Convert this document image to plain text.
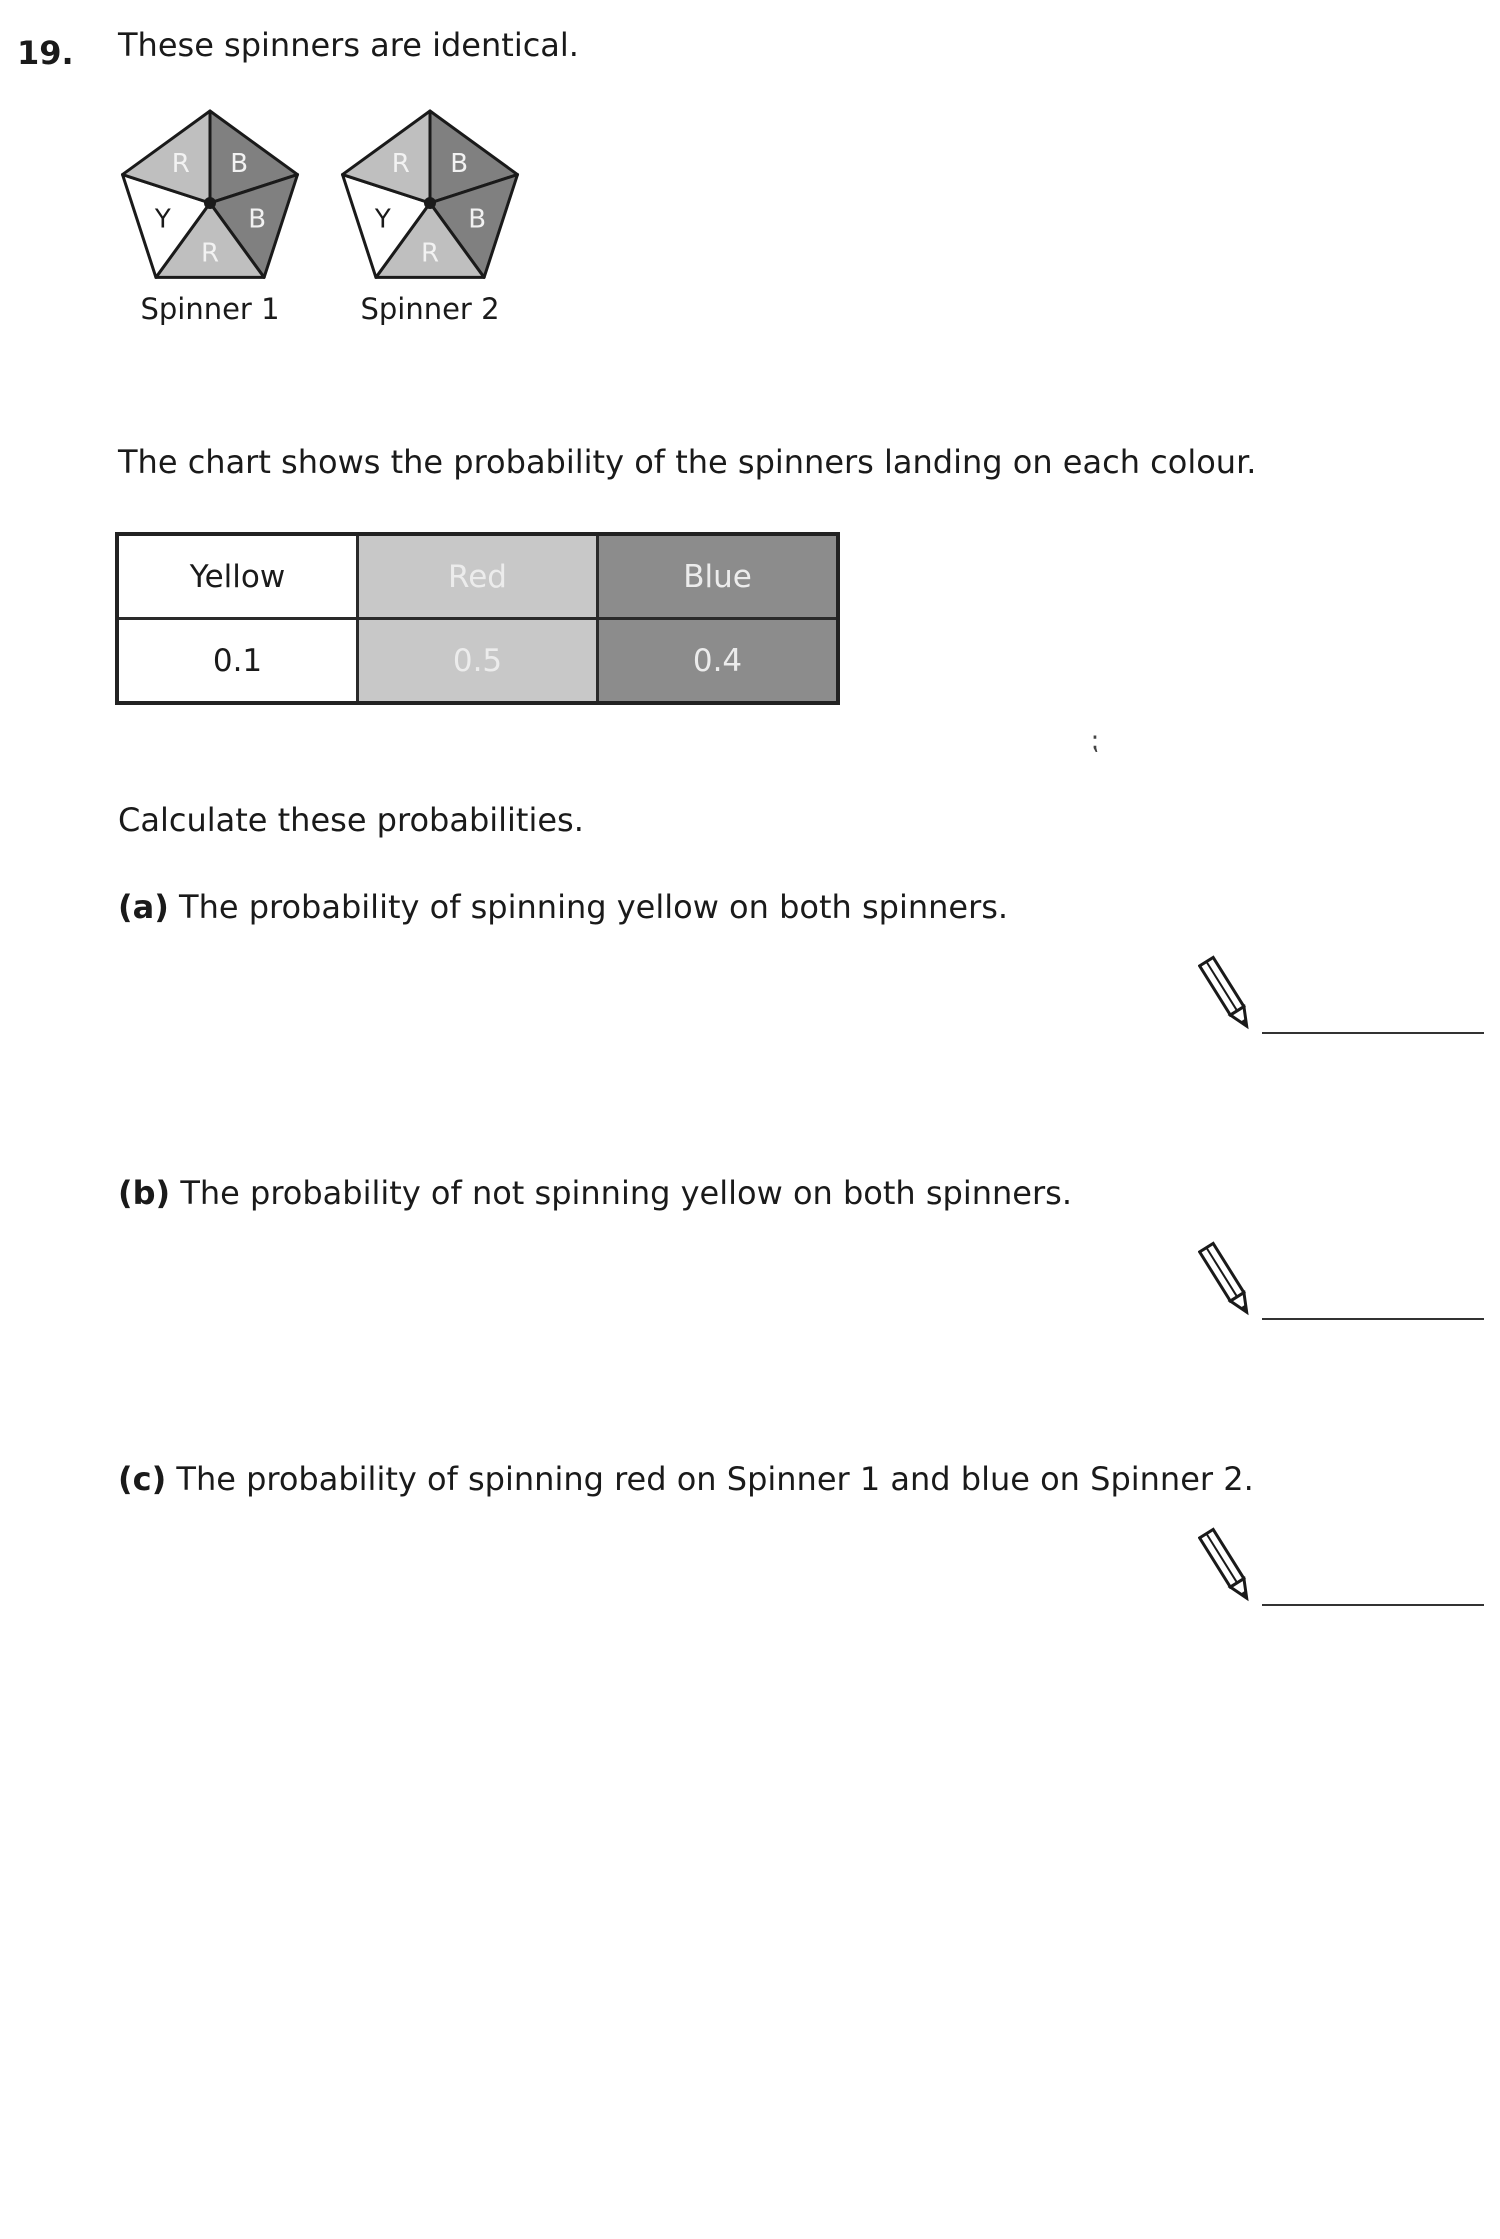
19. These spinners are identical.
B
B
R
Y
R
Spinner 1
B
B
R
Y
R
Spinner 2
The chart shows the probability of the spinners landing on each colour.
Yellow	Red	Blue
0.1	0.5	0.4
⁏
Calculate these probabilities.
(a) The probability of spinning yellow on both spinners.
(b) The probability of not spinning yellow on both spinners.
(c) The probability of spinning red on Spinner 1 and blue on Spinner 2.
